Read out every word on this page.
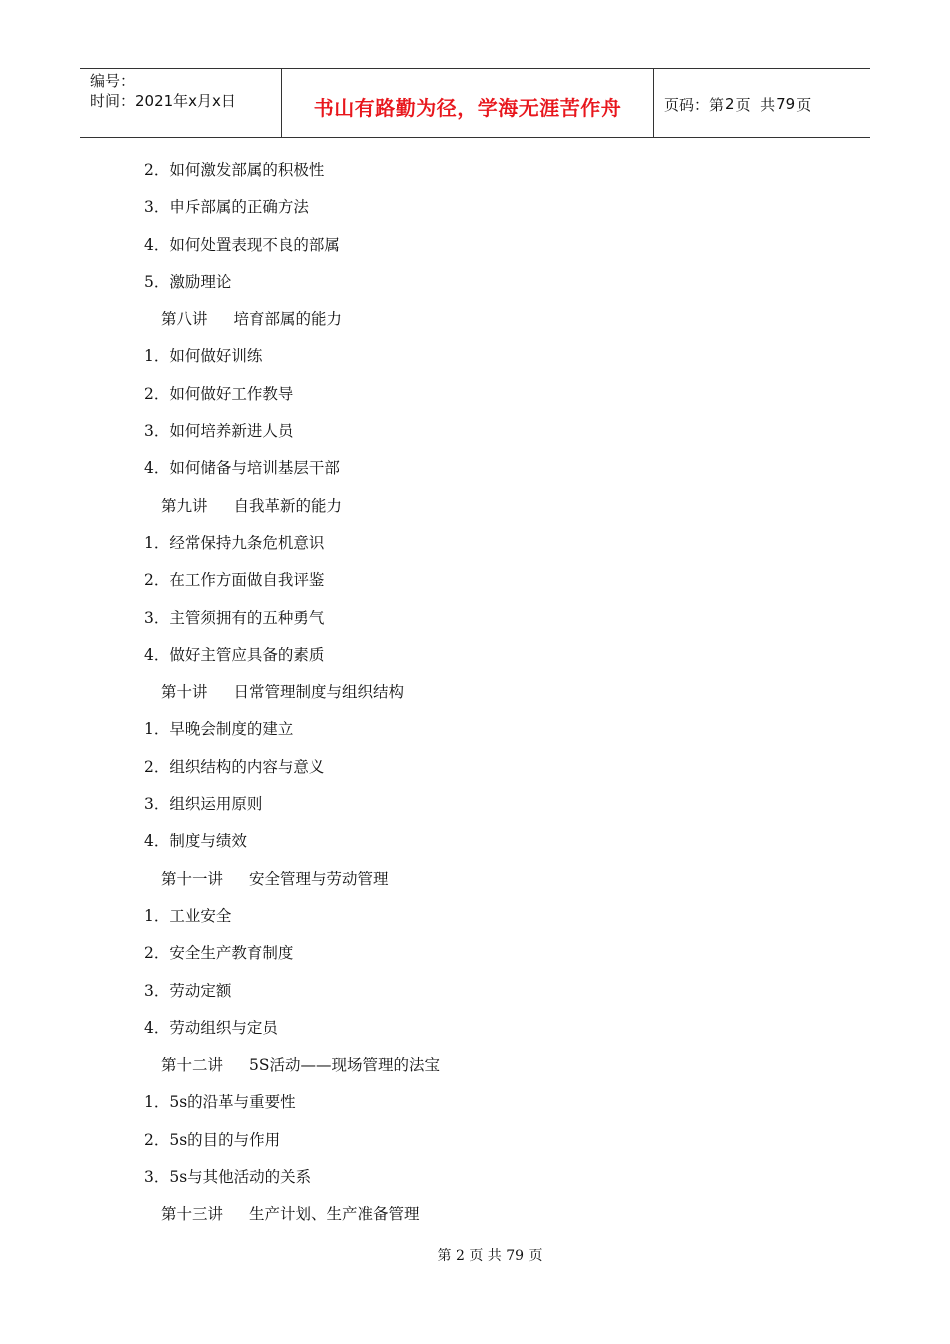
编号：
时间：2021年x月x日	书山有路勤为径，学海无涯苦作舟	页码：第 2 页  共 79 页
2．如何激发部属的积极性
3．申斥部属的正确方法
4．如何处置表现不良的部属
5．激励理论
第八讲 培育部属的能力
1．如何做好训练
2．如何做好工作教导
3．如何培养新进人员
4．如何储备与培训基层干部
第九讲 自我革新的能力
1．经常保持九条危机意识
2．在工作方面做自我评鉴
3．主管须拥有的五种勇气
4．做好主管应具备的素质
第十讲 日常管理制度与组织结构
1．早晚会制度的建立
2．组织结构的内容与意义
3．组织运用原则
4．制度与绩效
第十一讲 安全管理与劳动管理
1．工业安全
2．安全生产教育制度
3．劳动定额
4．劳动组织与定员
第十二讲 5S活动——现场管理的法宝
1．5s的沿革与重要性
2．5s的目的与作用
3．5s与其他活动的关系
第十三讲 生产计划、生产准备管理
第 2 页 共 79 页
